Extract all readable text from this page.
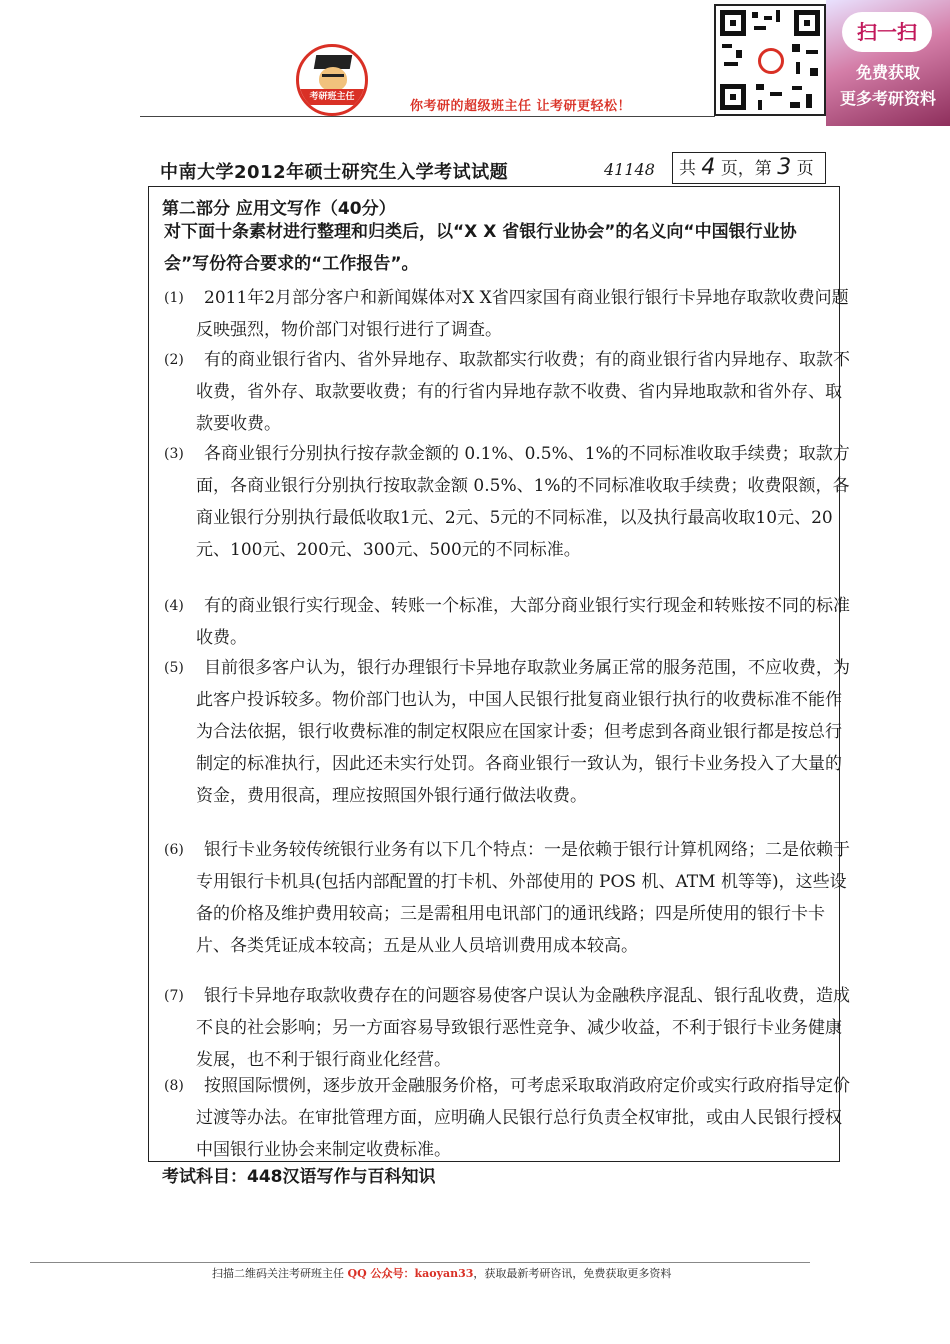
考研班主任
你考研的超级班主任 让考研更轻松！
扫一扫
免费获取
更多考研资料
中南大学2012年硕士研究生入学考试试题	41148	共 4 页，第 3 页
第二部分 应用文写作（40分）
对下面十条素材进行整理和归类后，以“X X 省银行业协会”的名义向“中国银行业协会”写份符合要求的“工作报告”。
(1)	2011年2月部分客户和新闻媒体对X X省四家国有商业银行银行卡异地存取款收费问题反映强烈，物价部门对银行进行了调查。
(2)	有的商业银行省内、省外异地存、取款都实行收费；有的商业银行省内异地存、取款不收费，省外存、取款要收费；有的行省内异地存款不收费、省内异地取款和省外存、取款要收费。
(3)	各商业银行分别执行按存款金额的 0.1%、0.5%、1%的不同标准收取手续费；取款方面，各商业银行分别执行按取款金额 0.5%、1%的不同标准收取手续费；收费限额，各商业银行分别执行最低收取1元、2元、5元的不同标准，以及执行最高收取10元、20元、100元、200元、300元、500元的不同标准。
(4)	有的商业银行实行现金、转账一个标准，大部分商业银行实行现金和转账按不同的标准收费。
(5)	目前很多客户认为，银行办理银行卡异地存取款业务属正常的服务范围，不应收费，为此客户投诉较多。物价部门也认为，中国人民银行批复商业银行执行的收费标准不能作为合法依据，银行收费标准的制定权限应在国家计委；但考虑到各商业银行都是按总行制定的标准执行，因此还未实行处罚。各商业银行一致认为，银行卡业务投入了大量的资金，费用很高，理应按照国外银行通行做法收费。
(6)	银行卡业务较传统银行业务有以下几个特点：一是依赖于银行计算机网络；二是依赖于专用银行卡机具(包括内部配置的打卡机、外部使用的 POS 机、ATM 机等等)，这些设备的价格及维护费用较高；三是需租用电讯部门的通讯线路；四是所使用的银行卡卡片、各类凭证成本较高；五是从业人员培训费用成本较高。
(7)	银行卡异地存取款收费存在的问题容易使客户误认为金融秩序混乱、银行乱收费，造成不良的社会影响；另一方面容易导致银行恶性竞争、减少收益，不利于银行卡业务健康发展，也不利于银行商业化经营。
(8)	按照国际惯例，逐步放开金融服务价格，可考虑采取取消政府定价或实行政府指导定价过渡等办法。在审批管理方面，应明确人民银行总行负责全权审批，或由人民银行授权中国银行业协会来制定收费标准。
考试科目：448汉语写作与百科知识
扫描二维码关注考研班主任 QQ 公众号：kaoyan33，获取最新考研咨讯，免费获取更多资料
